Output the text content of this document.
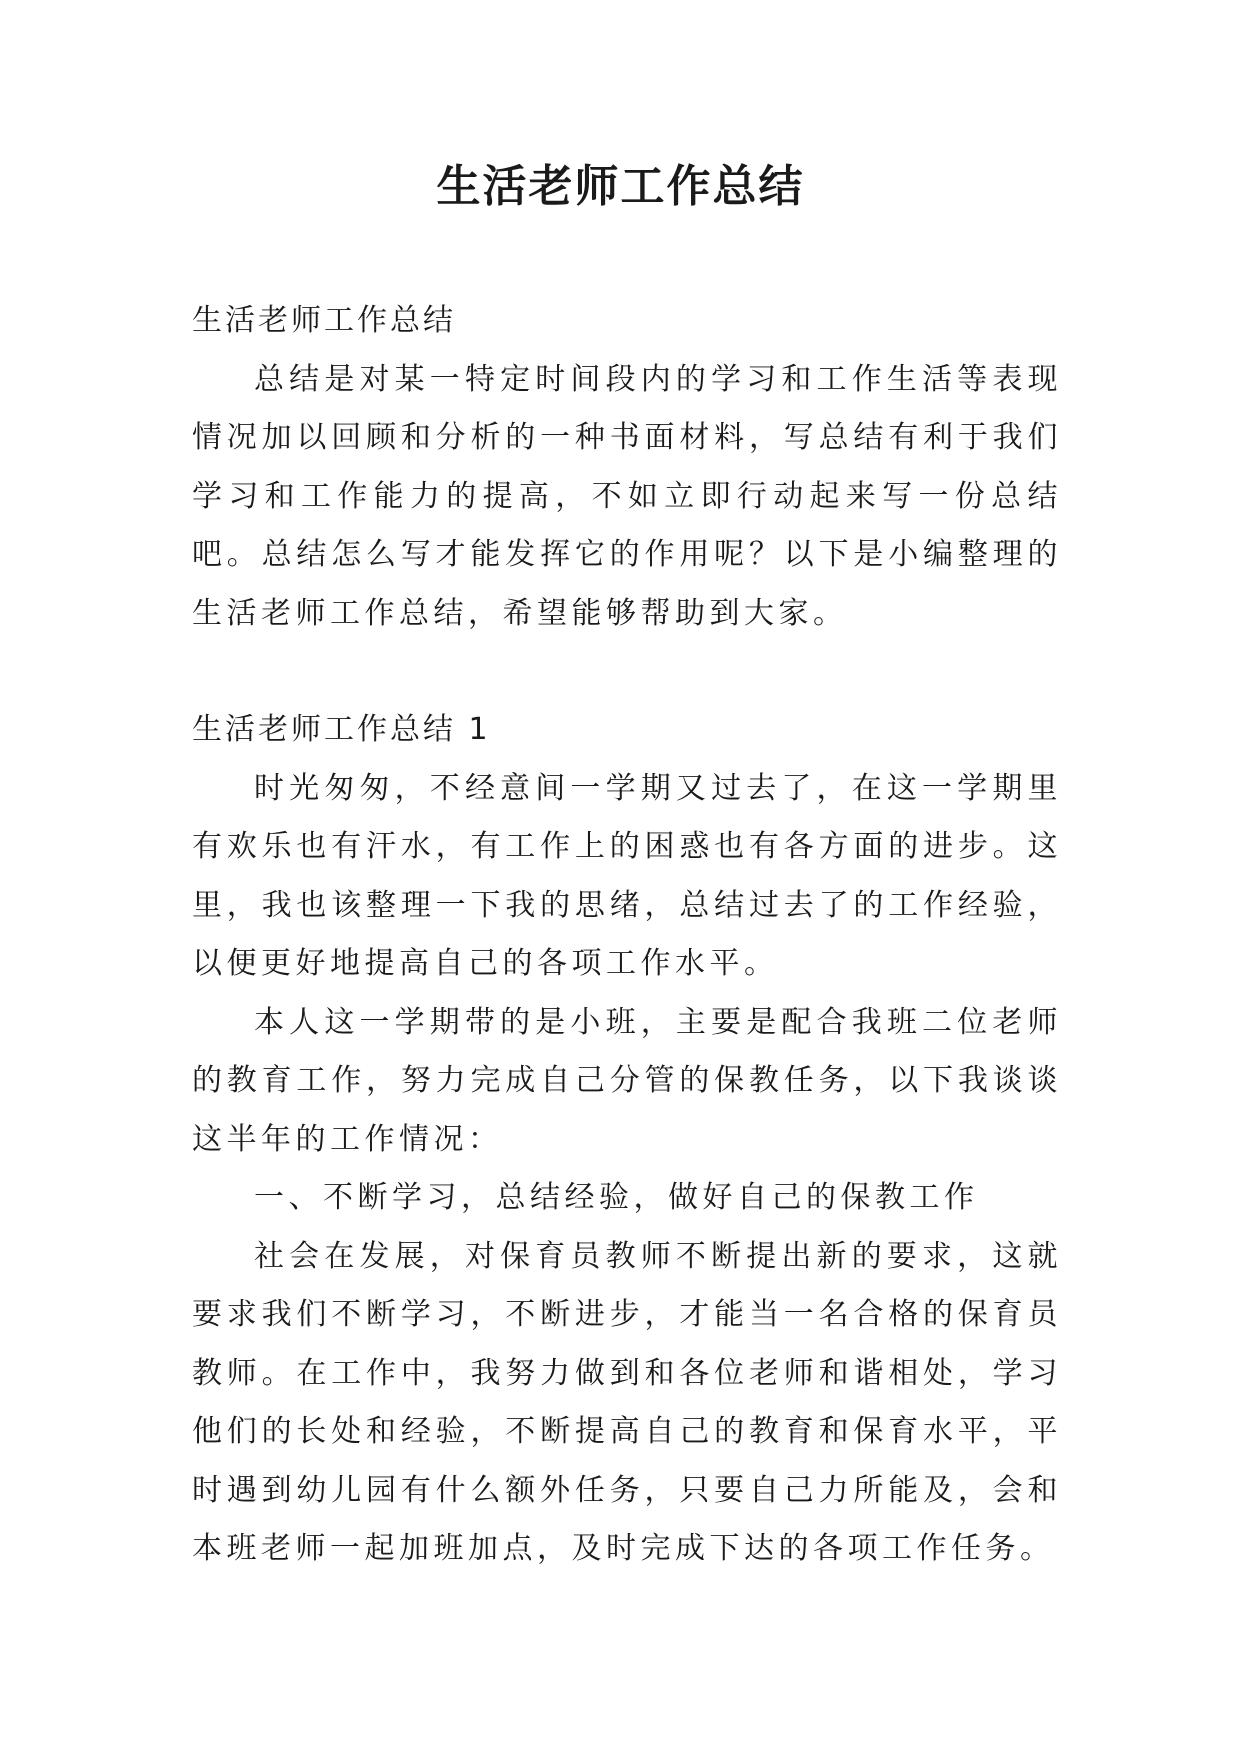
生活老师工作总结

生活老师工作总结

总结是对某一特定时间段内的学习和工作生活等表现情况加以回顾和分析的一种书面材料，写总结有利于我们学习和工作能力的提高，不如立即行动起来写一份总结吧。总结怎么写才能发挥它的作用呢？以下是小编整理的生活老师工作总结，希望能够帮助到大家。

生活老师工作总结 1

时光匆匆，不经意间一学期又过去了，在这一学期里有欢乐也有汗水，有工作上的困惑也有各方面的进步。这里，我也该整理一下我的思绪，总结过去了的工作经验，以便更好地提高自己的各项工作水平。

本人这一学期带的是小班，主要是配合我班二位老师的教育工作，努力完成自己分管的保教任务，以下我谈谈这半年的工作情况：

一、不断学习，总结经验，做好自己的保教工作

社会在发展，对保育员教师不断提出新的要求，这就要求我们不断学习，不断进步，才能当一名合格的保育员教师。在工作中，我努力做到和各位老师和谐相处，学习他们的长处和经验，不断提高自己的教育和保育水平，平时遇到幼儿园有什么额外任务，只要自己力所能及，会和本班老师一起加班加点，及时完成下达的各项工作任务。
